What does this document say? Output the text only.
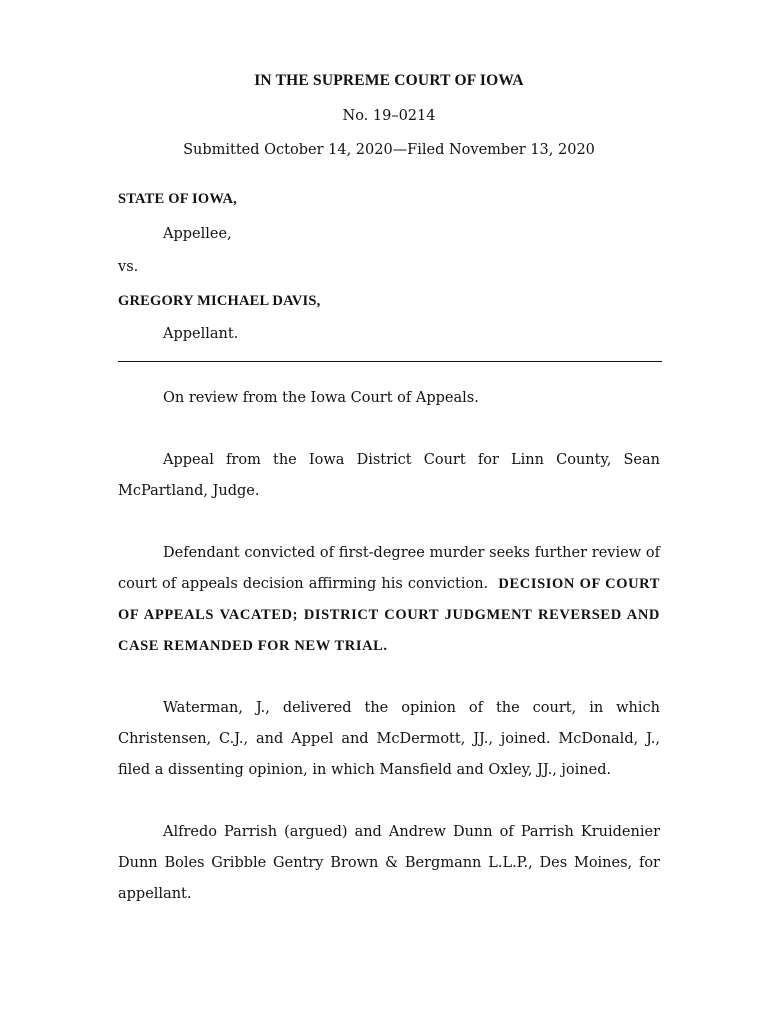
IN THE SUPREME COURT OF IOWA
No. 19–0214
Submitted October 14, 2020—Filed November 13, 2020
STATE OF IOWA,
Appellee,
vs.
GREGORY MICHAEL DAVIS,
Appellant.
On review from the Iowa Court of Appeals.
Appeal from the Iowa District Court for Linn County, Sean McPartland, Judge.
Defendant convicted of first-degree murder seeks further review of court of appeals decision affirming his conviction. DECISION OF COURT OF APPEALS VACATED; DISTRICT COURT JUDGMENT REVERSED AND CASE REMANDED FOR NEW TRIAL.
Waterman, J., delivered the opinion of the court, in which Christensen, C.J., and Appel and McDermott, JJ., joined. McDonald, J., filed a dissenting opinion, in which Mansfield and Oxley, JJ., joined.
Alfredo Parrish (argued) and Andrew Dunn of Parrish Kruidenier Dunn Boles Gribble Gentry Brown & Bergmann L.L.P., Des Moines, for appellant.
